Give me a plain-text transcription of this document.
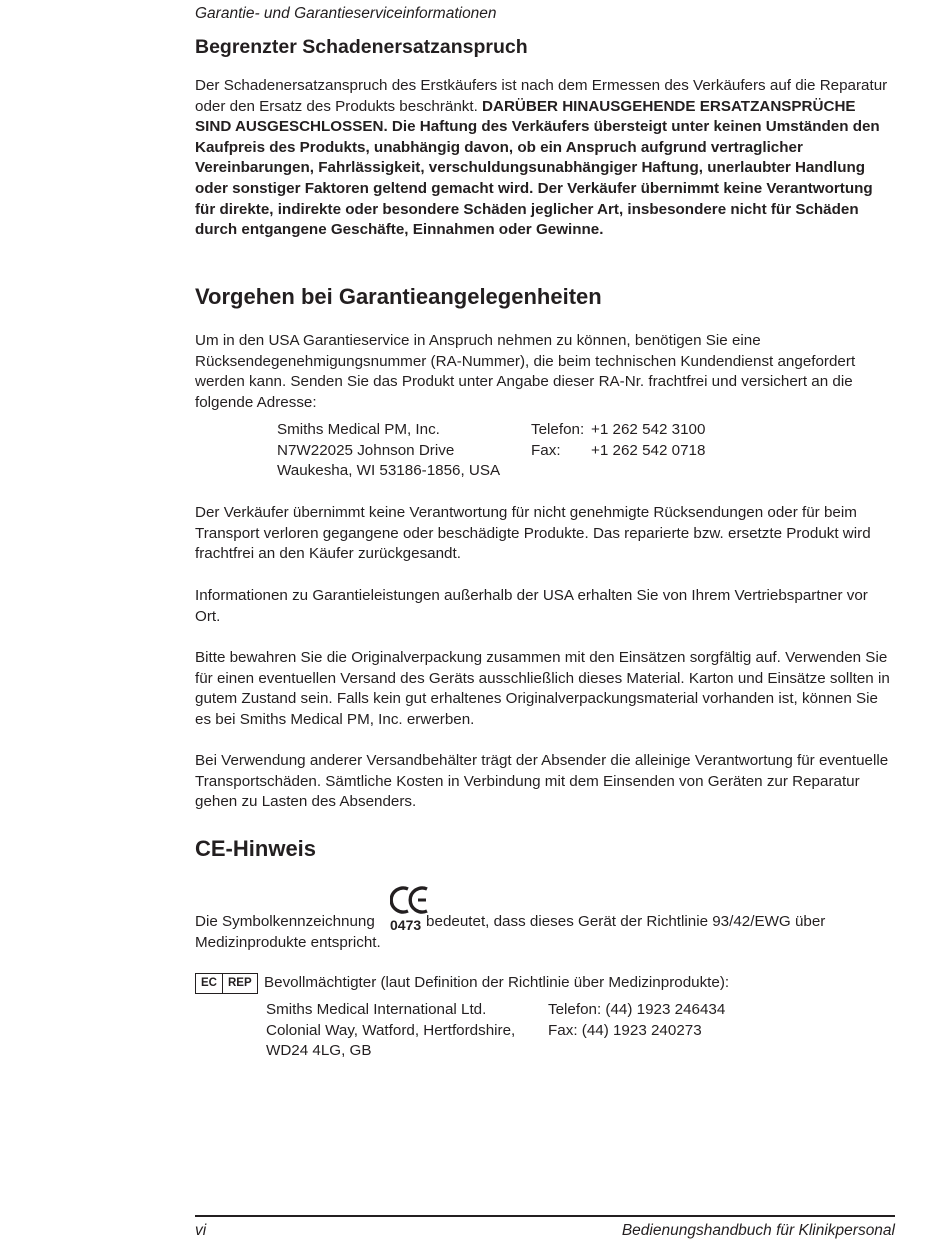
Garantie- und Garantieserviceinformationen
Begrenzter Schadenersatzanspruch

Der Schadenersatzanspruch des Erstkäufers ist nach dem Ermessen des Verkäufers auf die Reparatur oder den Ersatz des Produkts beschränkt. DARÜBER HINAUSGEHENDE ERSATZANSPRÜCHE SIND AUSGESCHLOSSEN. Die Haftung des Verkäufers übersteigt unter keinen Umständen den Kaufpreis des Produkts, unabhängig davon, ob ein Anspruch aufgrund vertraglicher Vereinbarungen, Fahrlässigkeit, verschuldungsunabhängiger Haftung, unerlaubter Handlung oder sonstiger Faktoren geltend gemacht wird. Der Verkäufer übernimmt keine Verantwortung für direkte, indirekte oder besondere Schäden jeglicher Art, insbesondere nicht für Schäden durch entgangene Geschäfte, Einnahmen oder Gewinne.

Vorgehen bei Garantieangelegenheiten

Um in den USA Garantieservice in Anspruch nehmen zu können, benötigen Sie eine Rücksendegenehmigungsnummer (RA-Nummer), die beim technischen Kundendienst angefordert werden kann. Senden Sie das Produkt unter Angabe dieser RA-Nr. frachtfrei und versichert an die folgende Adresse:

Smiths Medical PM, Inc.
N7W22025 Johnson Drive
Waukesha, WI 53186-1856, USA
Telefon: +1 262 542 3100
Fax: +1 262 542 0718

Der Verkäufer übernimmt keine Verantwortung für nicht genehmigte Rücksendungen oder für beim Transport verloren gegangene oder beschädigte Produkte. Das reparierte bzw. ersetzte Produkt wird frachtfrei an den Käufer zurückgesandt.

Informationen zu Garantieleistungen außerhalb der USA erhalten Sie von Ihrem Vertriebspartner vor Ort.

Bitte bewahren Sie die Originalverpackung zusammen mit den Einsätzen sorgfältig auf. Verwenden Sie für einen eventuellen Versand des Geräts ausschließlich dieses Material. Karton und Einsätze sollten in gutem Zustand sein. Falls kein gut erhaltenes Originalverpackungsmaterial vorhanden ist, können Sie es bei Smiths Medical PM, Inc. erwerben.

Bei Verwendung anderer Versandbehälter trägt der Absender die alleinige Verantwortung für eventuelle Transportschäden. Sämtliche Kosten in Verbindung mit dem Einsenden von Geräten zur Reparatur gehen zu Lasten des Absenders.

CE-Hinweis
Die Symbolkennzeichnung	bedeutet, dass dieses Gerät der Richtlinie 93/42/EWG über Medizinprodukte entspricht.
0473
EC REP Bevollmächtigter (laut Definition der Richtlinie über Medizinprodukte):
Smiths Medical International Ltd.
Colonial Way, Watford, Hertfordshire,
WD24 4LG, GB
Telefon: (44) 1923 246434
Fax: (44) 1923 240273
vi	Bedienungshandbuch für Klinikpersonal
